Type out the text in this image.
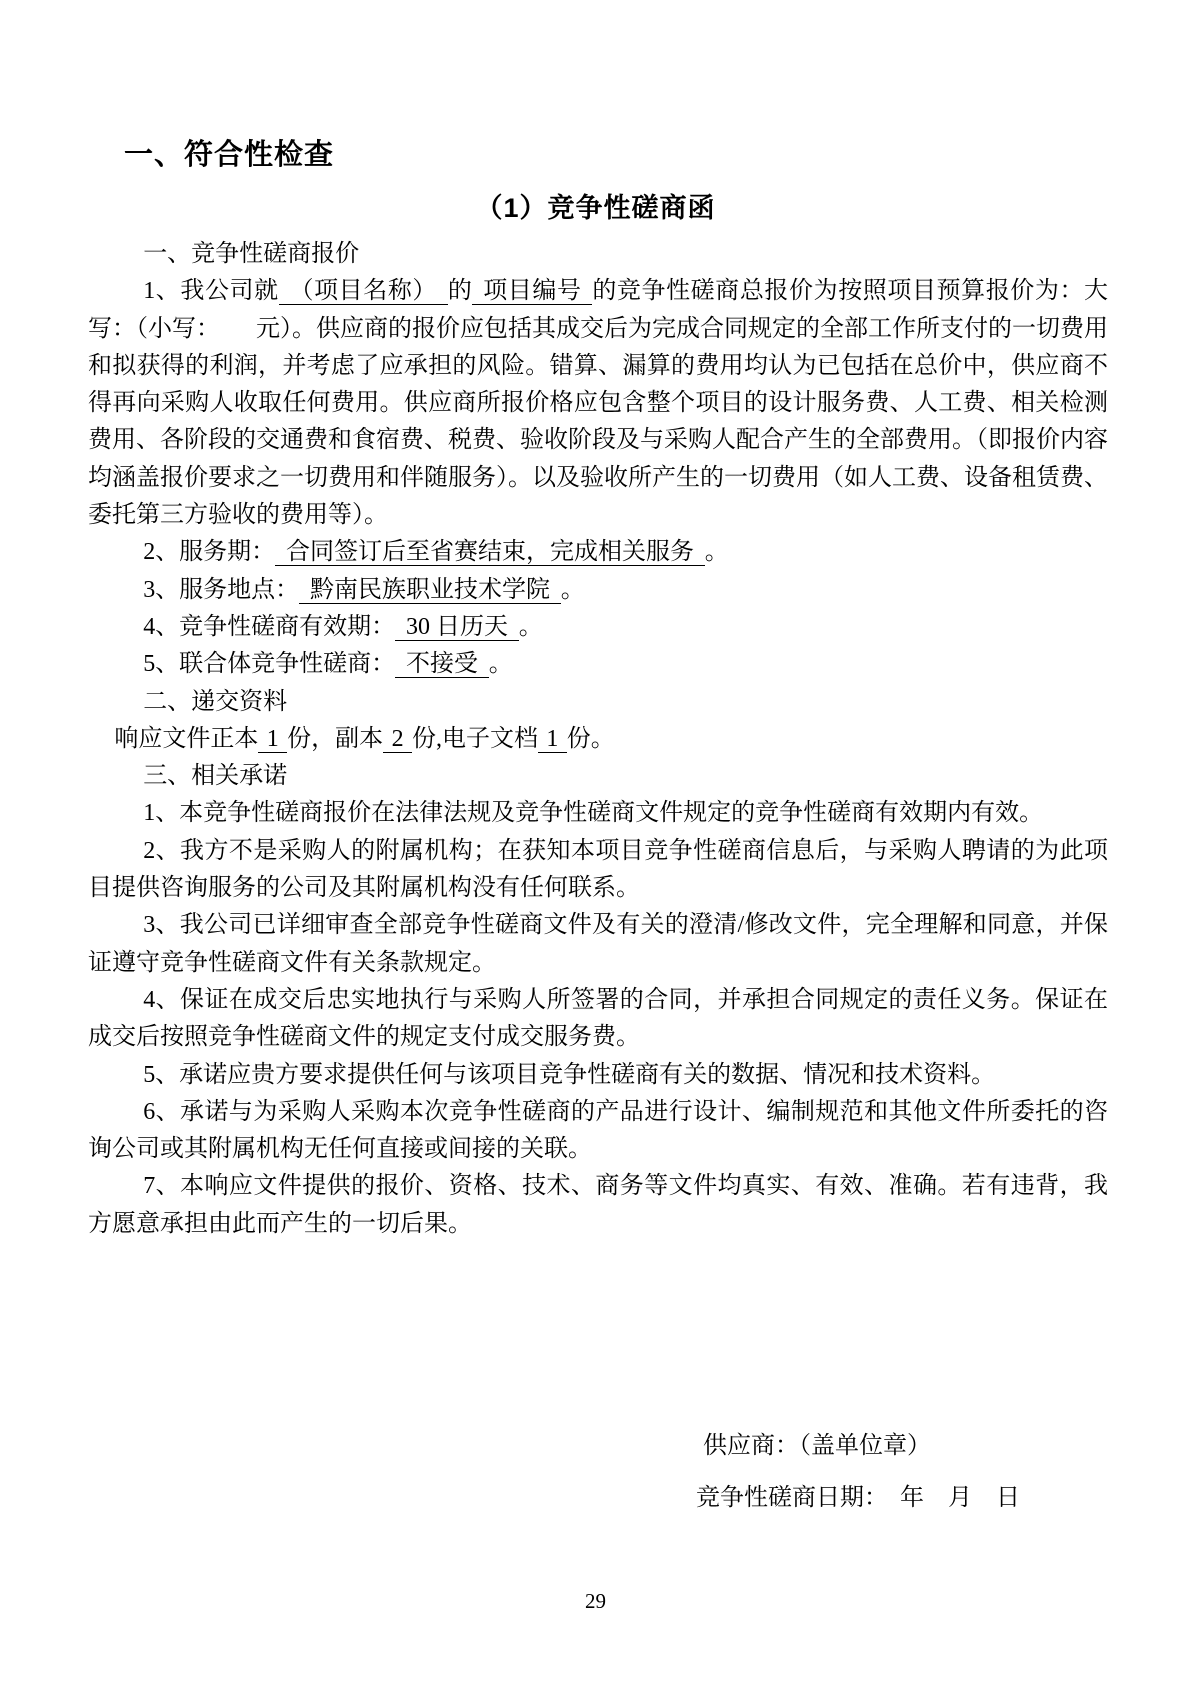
一、符合性检查
（1）竞争性磋商函

一、竞争性磋商报价

1、我公司就 （项目名称） 的 项目编号 的竞争性磋商总报价为按照项目预算报价为：大写：（小写：　　元）。供应商的报价应包括其成交后为完成合同规定的全部工作所支付的一切费用和拟获得的利润，并考虑了应承担的风险。错算、漏算的费用均认为已包括在总价中，供应商不得再向采购人收取任何费用。供应商所报价格应包含整个项目的设计服务费、人工费、相关检测费用、各阶段的交通费和食宿费、税费、验收阶段及与采购人配合产生的全部费用。（即报价内容均涵盖报价要求之一切费用和伴随服务）。以及验收所产生的一切费用（如人工费、设备租赁费、委托第三方验收的费用等）。

2、服务期： 合同签订后至省赛结束，完成相关服务 。

3、服务地点： 黔南民族职业技术学院 。

4、竞争性磋商有效期： 30 日历天 。

5、联合体竞争性磋商： 不接受 。

二、递交资料

响应文件正本 1 份，副本 2 份,电子文档 1 份。

三、相关承诺

1、本竞争性磋商报价在法律法规及竞争性磋商文件规定的竞争性磋商有效期内有效。

2、我方不是采购人的附属机构；在获知本项目竞争性磋商信息后，与采购人聘请的为此项目提供咨询服务的公司及其附属机构没有任何联系。

3、我公司已详细审查全部竞争性磋商文件及有关的澄清/修改文件，完全理解和同意，并保证遵守竞争性磋商文件有关条款规定。

4、保证在成交后忠实地执行与采购人所签署的合同，并承担合同规定的责任义务。保证在成交后按照竞争性磋商文件的规定支付成交服务费。

5、承诺应贵方要求提供任何与该项目竞争性磋商有关的数据、情况和技术资料。

6、承诺与为采购人采购本次竞争性磋商的产品进行设计、编制规范和其他文件所委托的咨询公司或其附属机构无任何直接或间接的关联。

7、本响应文件提供的报价、资格、技术、商务等文件均真实、有效、准确。若有违背，我方愿意承担由此而产生的一切后果。

供应商：（盖单位章）
竞争性磋商日期：　年　月　日
29
